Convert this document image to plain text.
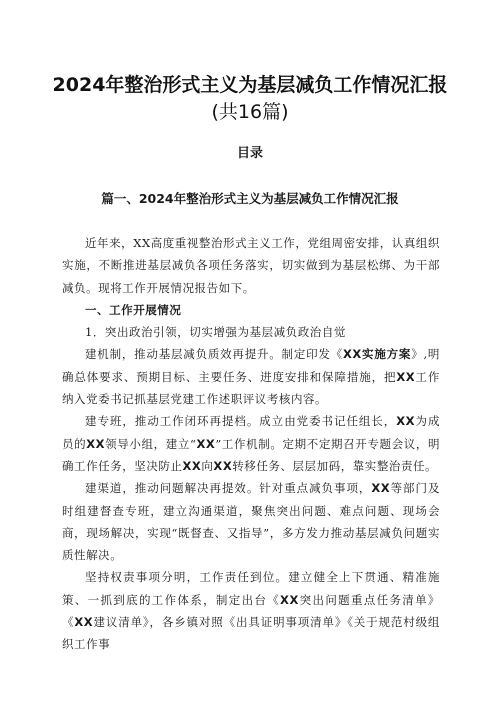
2024年整治形式主义为基层减负工作情况汇报
(共16篇)
目录
篇一、2024年整治形式主义为基层减负工作情况汇报

近年来，XX高度重视整治形式主义工作，党组周密安排，认真组织实施，不断推进基层减负各项任务落实，切实做到为基层松绑、为干部减负。现将工作开展情况报告如下。

一、工作开展情况

1．突出政治引领，切实增强为基层减负政治自觉

建机制，推动基层减负质效再提升。制定印发《XX实施方案》,明确总体要求、预期目标、主要任务、进度安排和保障措施，把XX工作纳入党委书记抓基层党建工作述职评议考核内容。

建专班，推动工作闭环再提档。成立由党委书记任组长，XX为成员的XX领导小组，建立“XX”工作机制。定期不定期召开专题会议，明确工作任务，坚决防止XX向XX转移任务、层层加码，靠实整治责任。

建渠道，推动问题解决再提效。针对重点减负事项，XX等部门及时组建督查专班，建立沟通渠道，聚焦突出问题、难点问题、现场会商，现场解决，实现“既督查、又指导”，多方发力推动基层减负问题实质性解决。

坚持权责事项分明，工作责任到位。建立健全上下贯通、精准施策、一抓到底的工作体系，制定出台《XX突出问题重点任务清单》《XX建议清单》，各乡镇对照《出具证明事项清单》《关于规范村级组织工作事
